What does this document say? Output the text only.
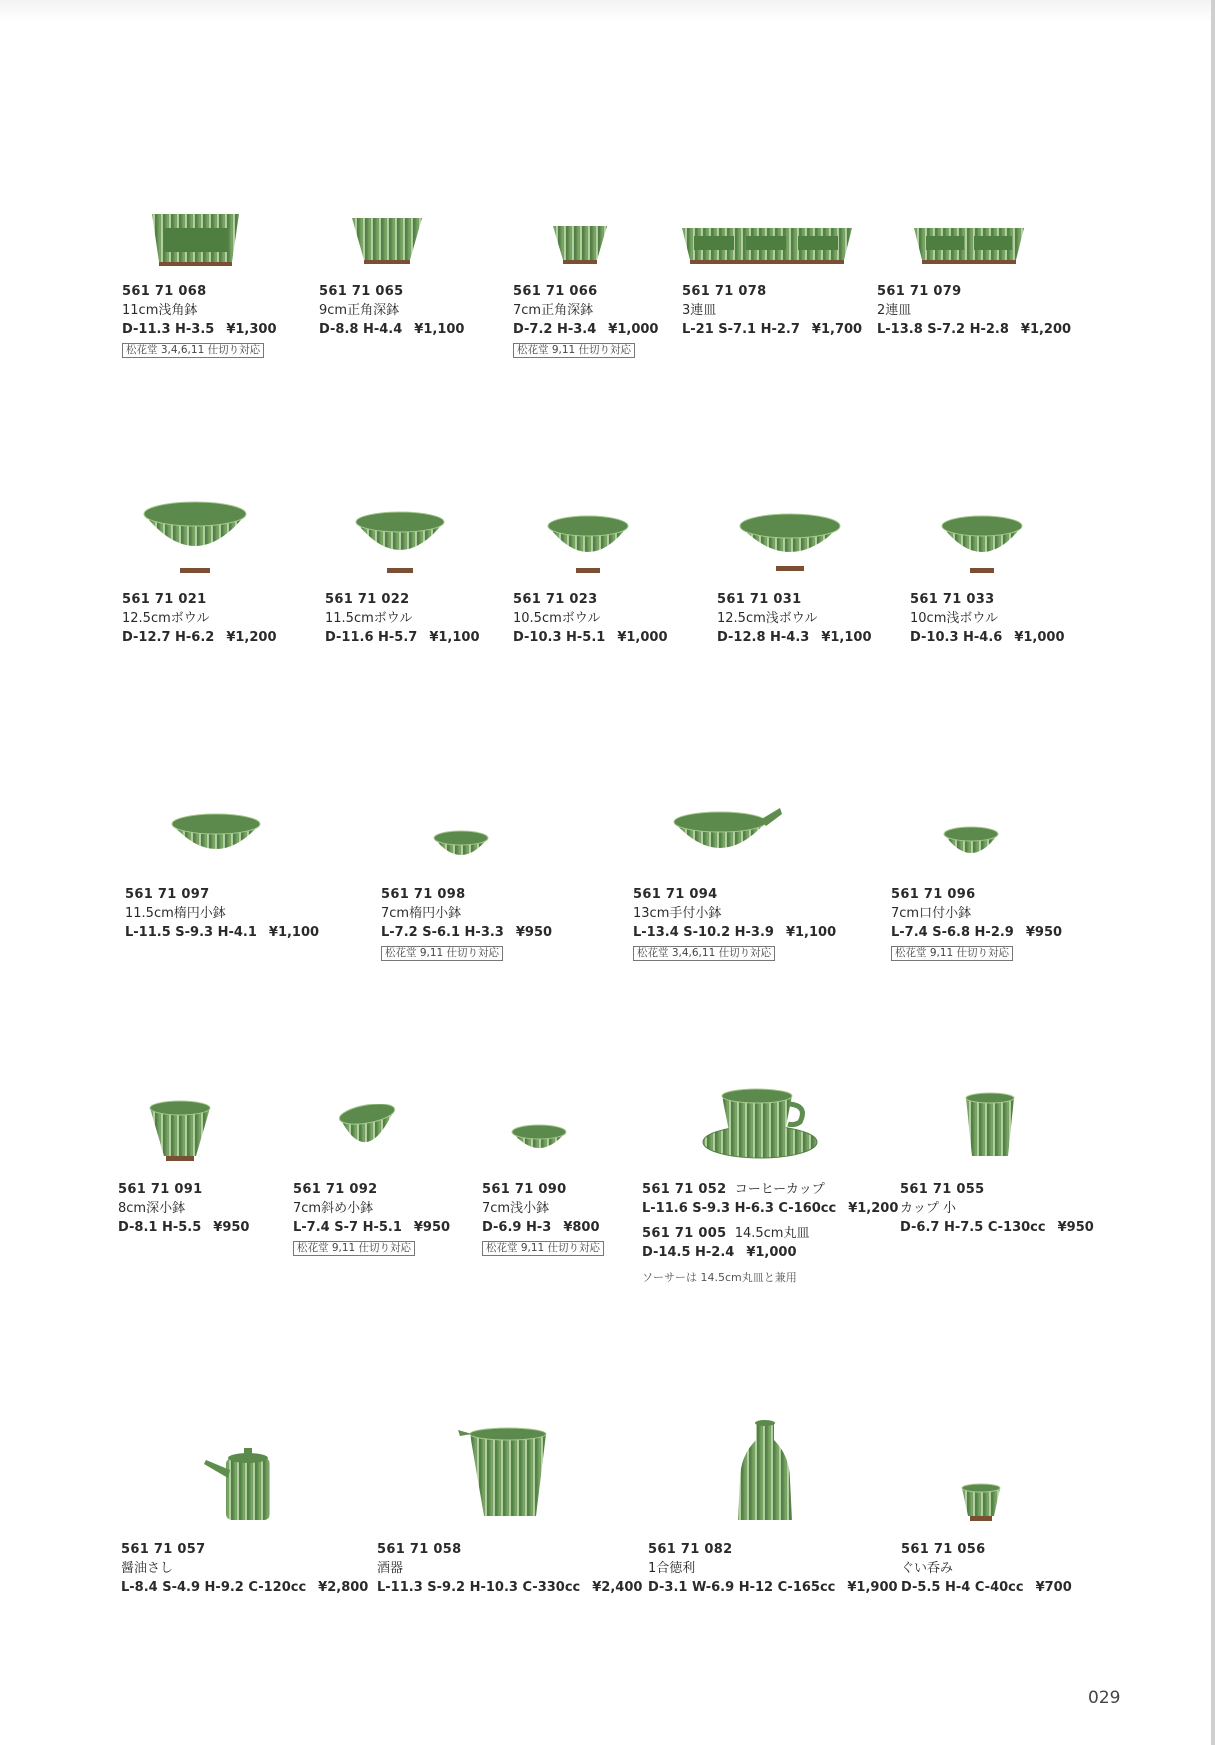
561 71 068
11cm浅角鉢
D-11.3 H-3.5 ¥1,300
松花堂 3,4,6,11 仕切り対応
561 71 065
9cm正角深鉢
D-8.8 H-4.4 ¥1,100
561 71 066
7cm正角深鉢
D-7.2 H-3.4 ¥1,000
松花堂 9,11 仕切り対応
561 71 078
3連皿
L-21 S-7.1 H-2.7 ¥1,700
561 71 079
2連皿
L-13.8 S-7.2 H-2.8 ¥1,200
561 71 021
12.5cmボウル
D-12.7 H-6.2 ¥1,200
561 71 022
11.5cmボウル
D-11.6 H-5.7 ¥1,100
561 71 023
10.5cmボウル
D-10.3 H-5.1 ¥1,000
561 71 031
12.5cm浅ボウル
D-12.8 H-4.3 ¥1,100
561 71 033
10cm浅ボウル
D-10.3 H-4.6 ¥1,000
561 71 097
11.5cm楕円小鉢
L-11.5 S-9.3 H-4.1 ¥1,100
561 71 098
7cm楕円小鉢
L-7.2 S-6.1 H-3.3 ¥950
松花堂 9,11 仕切り対応
561 71 094
13cm手付小鉢
L-13.4 S-10.2 H-3.9 ¥1,100
松花堂 3,4,6,11 仕切り対応
561 71 096
7cm口付小鉢
L-7.4 S-6.8 H-2.9 ¥950
松花堂 9,11 仕切り対応
561 71 091
8cm深小鉢
D-8.1 H-5.5 ¥950
561 71 092
7cm斜め小鉢
L-7.4 S-7 H-5.1 ¥950
松花堂 9,11 仕切り対応
561 71 090
7cm浅小鉢
D-6.9 H-3 ¥800
松花堂 9,11 仕切り対応
561 71 052 コーヒーカップ
L-11.6 S-9.3 H-6.3 C-160cc ¥1,200
561 71 005 14.5cm丸皿
D-14.5 H-2.4 ¥1,000
ソーサーは 14.5cm丸皿と兼用
561 71 055
カップ 小
D-6.7 H-7.5 C-130cc ¥950
561 71 057
醤油さし
L-8.4 S-4.9 H-9.2 C-120cc ¥2,800
561 71 058
酒器
L-11.3 S-9.2 H-10.3 C-330cc ¥2,400
561 71 082
1合徳利
D-3.1 W-6.9 H-12 C-165cc ¥1,900
561 71 056
ぐい呑み
D-5.5 H-4 C-40cc ¥700
029
